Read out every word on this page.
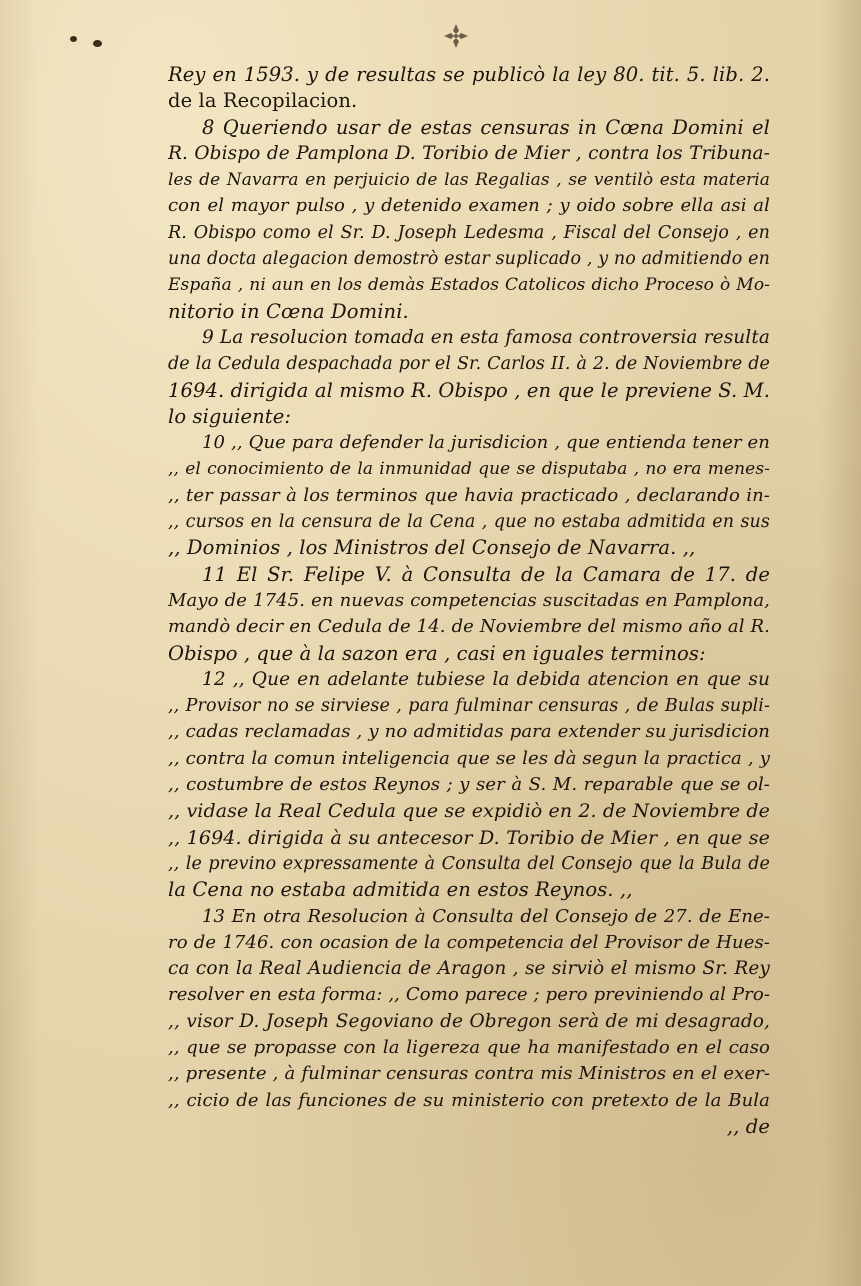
Rey en 1593. y de resultas se publicò la ley 80. tit. 5. lib. 2.
de la Recopilacion.
8 Queriendo usar de estas censuras in Cœna Domini el
R. Obispo de Pamplona D. Toribio de Mier , contra los Tribuna-
les de Navarra en perjuicio de las Regalias , se ventilò esta materia
con el mayor pulso , y detenido examen ; y oido sobre ella asi al
R. Obispo como el Sr. D. Joseph Ledesma , Fiscal del Consejo , en
una docta alegacion demostrò estar suplicado , y no admitiendo en
España , ni aun en los demàs Estados Catolicos dicho Proceso ò Mo-
nitorio in Cœna Domini.
9 La resolucion tomada en esta famosa controversia resulta
de la Cedula despachada por el Sr. Carlos II. à 2. de Noviembre de
1694. dirigida al mismo R. Obispo , en que le previene S. M.
lo siguiente:
10 ,, Que para defender la jurisdicion , que entienda tener en
,, el conocimiento de la inmunidad que se disputaba , no era menes-
,, ter passar à los terminos que havia practicado , declarando in-
,, cursos en la censura de la Cena , que no estaba admitida en sus
,, Dominios , los Ministros del Consejo de Navarra. ,,
11 El Sr. Felipe V. à Consulta de la Camara de 17. de
Mayo de 1745. en nuevas competencias suscitadas en Pamplona,
mandò decir en Cedula de 14. de Noviembre del mismo año al R.
Obispo , que à la sazon era , casi en iguales terminos:
12 ,, Que en adelante tubiese la debida atencion en que su
,, Provisor no se sirviese , para fulminar censuras , de Bulas supli-
,, cadas reclamadas , y no admitidas para extender su jurisdicion
,, contra la comun inteligencia que se les dà segun la practica , y
,, costumbre de estos Reynos ; y ser à S. M. reparable que se ol-
,, vidase la Real Cedula que se expidiò en 2. de Noviembre de
,, 1694. dirigida à su antecesor D. Toribio de Mier , en que se
,, le previno expressamente à Consulta del Consejo que la Bula de
la Cena no estaba admitida en estos Reynos. ,,
13 En otra Resolucion à Consulta del Consejo de 27. de Ene-
ro de 1746. con ocasion de la competencia del Provisor de Hues-
ca con la Real Audiencia de Aragon , se sirviò el mismo Sr. Rey
resolver en esta forma: ,, Como parece ; pero previniendo al Pro-
,, visor D. Joseph Segoviano de Obregon serà de mi desagrado,
,, que se propasse con la ligereza que ha manifestado en el caso
,, presente , à fulminar censuras contra mis Ministros en el exer-
,, cicio de las funciones de su ministerio con pretexto de la Bula
,, de
